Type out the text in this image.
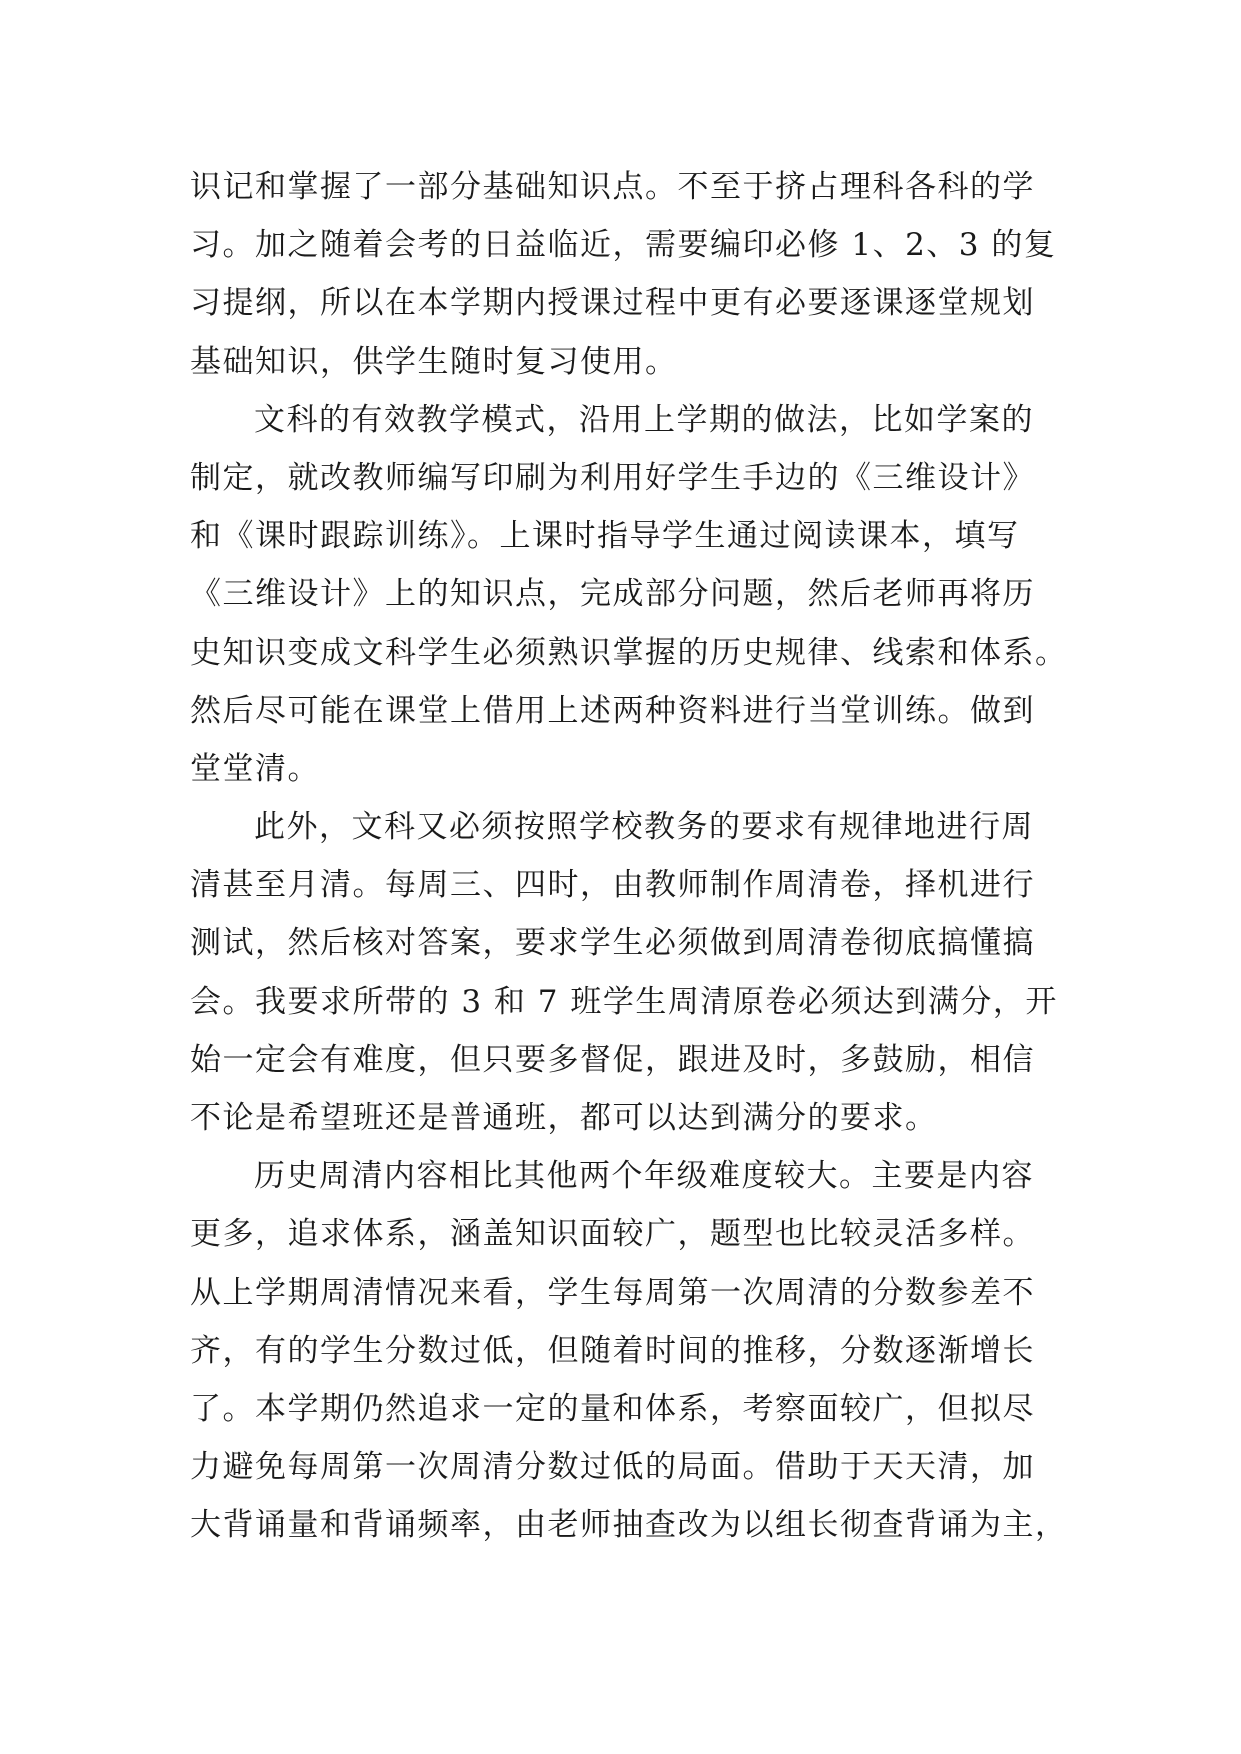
识记和掌握了一部分基础知识点。不至于挤占理科各科的学
习。加之随着会考的日益临近，需要编印必修 1、2、3 的复
习提纲，所以在本学期内授课过程中更有必要逐课逐堂规划
基础知识，供学生随时复习使用。
文科的有效教学模式，沿用上学期的做法，比如学案的
制定，就改教师编写印刷为利用好学生手边的《三维设计》
和《课时跟踪训练》。上课时指导学生通过阅读课本，填写
《三维设计》上的知识点，完成部分问题，然后老师再将历
史知识变成文科学生必须熟识掌握的历史规律、线索和体系。
然后尽可能在课堂上借用上述两种资料进行当堂训练。做到
堂堂清。
此外，文科又必须按照学校教务的要求有规律地进行周
清甚至月清。每周三、四时，由教师制作周清卷，择机进行
测试，然后核对答案，要求学生必须做到周清卷彻底搞懂搞
会。我要求所带的 3 和 7 班学生周清原卷必须达到满分，开
始一定会有难度，但只要多督促，跟进及时，多鼓励，相信
不论是希望班还是普通班，都可以达到满分的要求。
历史周清内容相比其他两个年级难度较大。主要是内容
更多，追求体系，涵盖知识面较广，题型也比较灵活多样。
从上学期周清情况来看，学生每周第一次周清的分数参差不
齐，有的学生分数过低，但随着时间的推移，分数逐渐增长
了。本学期仍然追求一定的量和体系，考察面较广，但拟尽
力避免每周第一次周清分数过低的局面。借助于天天清，加
大背诵量和背诵频率，由老师抽查改为以组长彻查背诵为主，
